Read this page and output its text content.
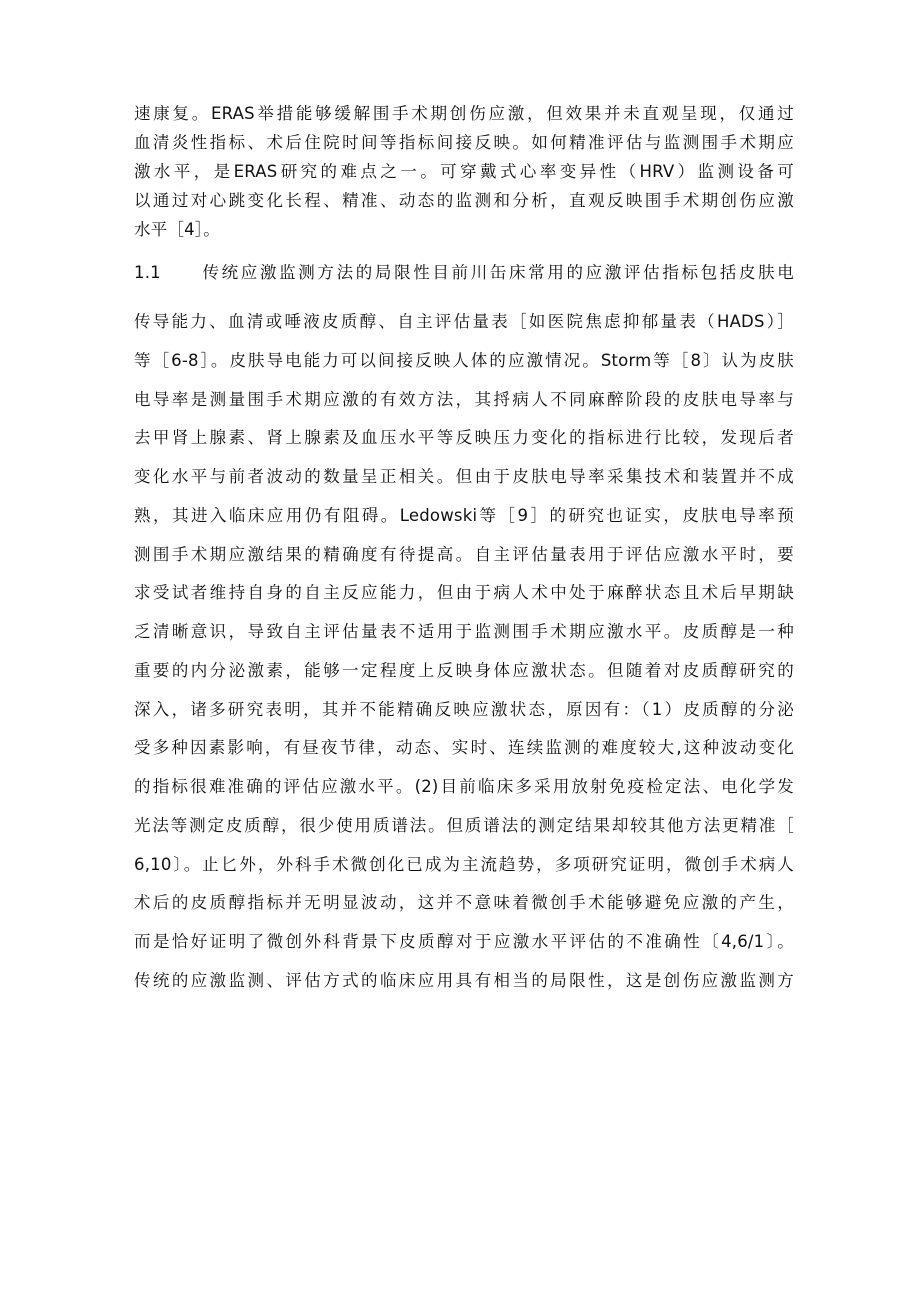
速康复。ERAS举措能够缓解围手术期创伤应激，但效果并未直观呈现，仅通过
血清炎性指标、术后住院时间等指标间接反映。如何精准评估与监测围手术期应
激水平，是ERAS研究的难点之一。可穿戴式心率变异性（HRV）监测设备可
以通过对心跳变化长程、精准、动态的监测和分析，直观反映围手术期创伤应激
水平［4］。
1.1 传统应激监测方法的局限性目前川缶床常用的应激评估指标包括皮肤电
传导能力、血清或唾液皮质醇、自主评估量表［如医院焦虑抑郁量表（HADS）］
等［6-8］。皮肤导电能力可以间接反映人体的应激情况。Storm等［8〕认为皮肤
电导率是测量围手术期应激的有效方法，其捋病人不同麻醉阶段的皮肤电导率与
去甲肾上腺素、肾上腺素及血压水平等反映压力变化的指标进行比较，发现后者
变化水平与前者波动的数量呈正相关。但由于皮肤电导率采集技术和装置并不成
熟，其进入临床应用仍有阻碍。Ledowski等［9］的研究也证实，皮肤电导率预
测围手术期应激结果的精确度有待提高。自主评估量表用于评估应激水平时，要
求受试者维持自身的自主反应能力，但由于病人术中处于麻醉状态且术后早期缺
乏清晰意识，导致自主评估量表不适用于监测围手术期应激水平。皮质醇是一种
重要的内分泌激素，能够一定程度上反映身体应激状态。但随着对皮质醇研究的
深入，诸多研究表明，其并不能精确反映应激状态，原因有：（1）皮质醇的分泌
受多种因素影响，有昼夜节律，动态、实时、连续监测的难度较大,这种波动变化
的指标很难准确的评估应激水平。(2)目前临床多采用放射免疫检定法、电化学发
光法等测定皮质醇，很少使用质谱法。但质谱法的测定结果却较其他方法更精准［
6,10〕。止匕外，外科手术微创化已成为主流趋势，多项研究证明，微创手术病人
术后的皮质醇指标并无明显波动，这并不意味着微创手术能够避免应激的产生，
而是恰好证明了微创外科背景下皮质醇对于应激水平评估的不准确性〔4,6/1〕。
传统的应激监测、评估方式的临床应用具有相当的局限性，这是创伤应激监测方
